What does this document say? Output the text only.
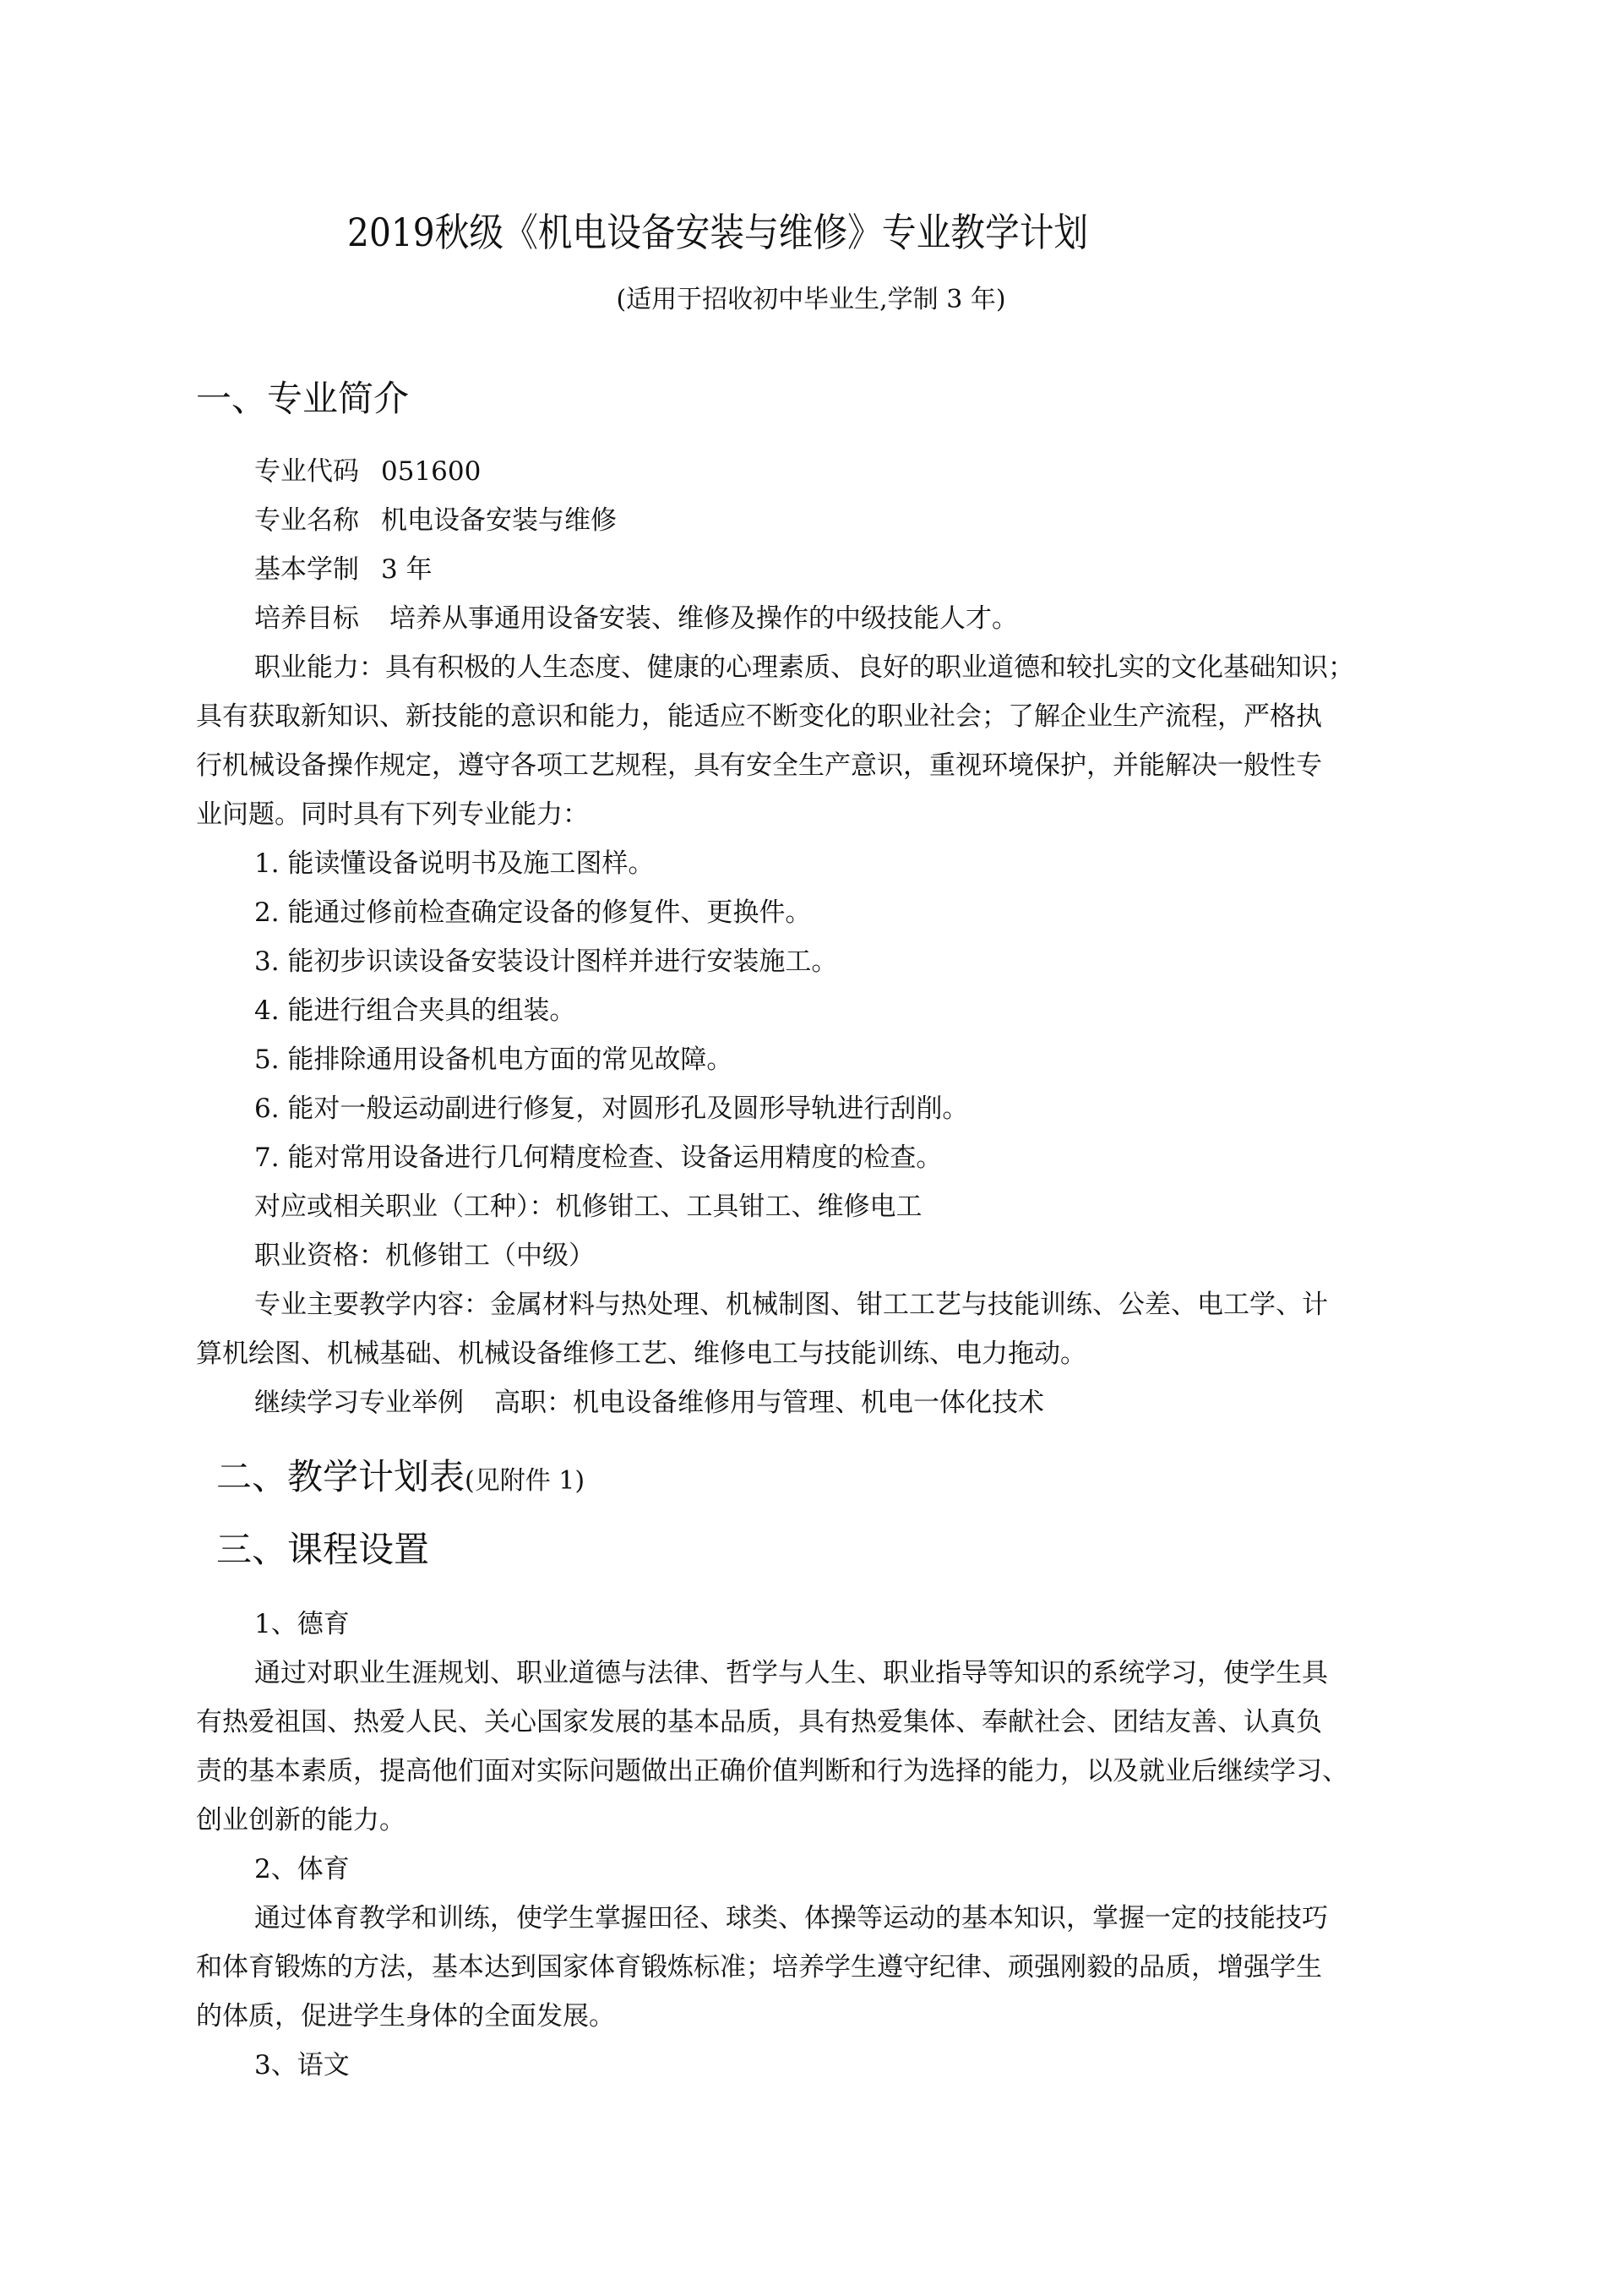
2019秋级《机电设备安装与维修》专业教学计划
(适用于招收初中毕业生,学制 3 年)
一、专业简介
专业代码 051600
专业名称 机电设备安装与维修
基本学制 3 年
培养目标 培养从事通用设备安装、维修及操作的中级技能人才。
职业能力：具有积极的人生态度、健康的心理素质、良好的职业道德和较扎实的文化基础知识；
具有获取新知识、新技能的意识和能力，能适应不断变化的职业社会；了解企业生产流程，严格执
行机械设备操作规定，遵守各项工艺规程，具有安全生产意识，重视环境保护，并能解决一般性专
业问题。同时具有下列专业能力：
1. 能读懂设备说明书及施工图样。
2. 能通过修前检查确定设备的修复件、更换件。
3. 能初步识读设备安装设计图样并进行安装施工。
4. 能进行组合夹具的组装。
5. 能排除通用设备机电方面的常见故障。
6. 能对一般运动副进行修复，对圆形孔及圆形导轨进行刮削。
7. 能对常用设备进行几何精度检查、设备运用精度的检查。
对应或相关职业（工种）：机修钳工、工具钳工、维修电工
职业资格：机修钳工（中级）
专业主要教学内容：金属材料与热处理、机械制图、钳工工艺与技能训练、公差、电工学、计
算机绘图、机械基础、机械设备维修工艺、维修电工与技能训练、电力拖动。
继续学习专业举例 高职：机电设备维修用与管理、机电一体化技术
二、教学计划表(见附件 1)
三、课程设置
1、德育
通过对职业生涯规划、职业道德与法律、哲学与人生、职业指导等知识的系统学习，使学生具
有热爱祖国、热爱人民、关心国家发展的基本品质，具有热爱集体、奉献社会、团结友善、认真负
责的基本素质，提高他们面对实际问题做出正确价值判断和行为选择的能力，以及就业后继续学习、
创业创新的能力。
2、体育
通过体育教学和训练，使学生掌握田径、球类、体操等运动的基本知识，掌握一定的技能技巧
和体育锻炼的方法，基本达到国家体育锻炼标准；培养学生遵守纪律、顽强刚毅的品质，增强学生
的体质，促进学生身体的全面发展。
3、语文
